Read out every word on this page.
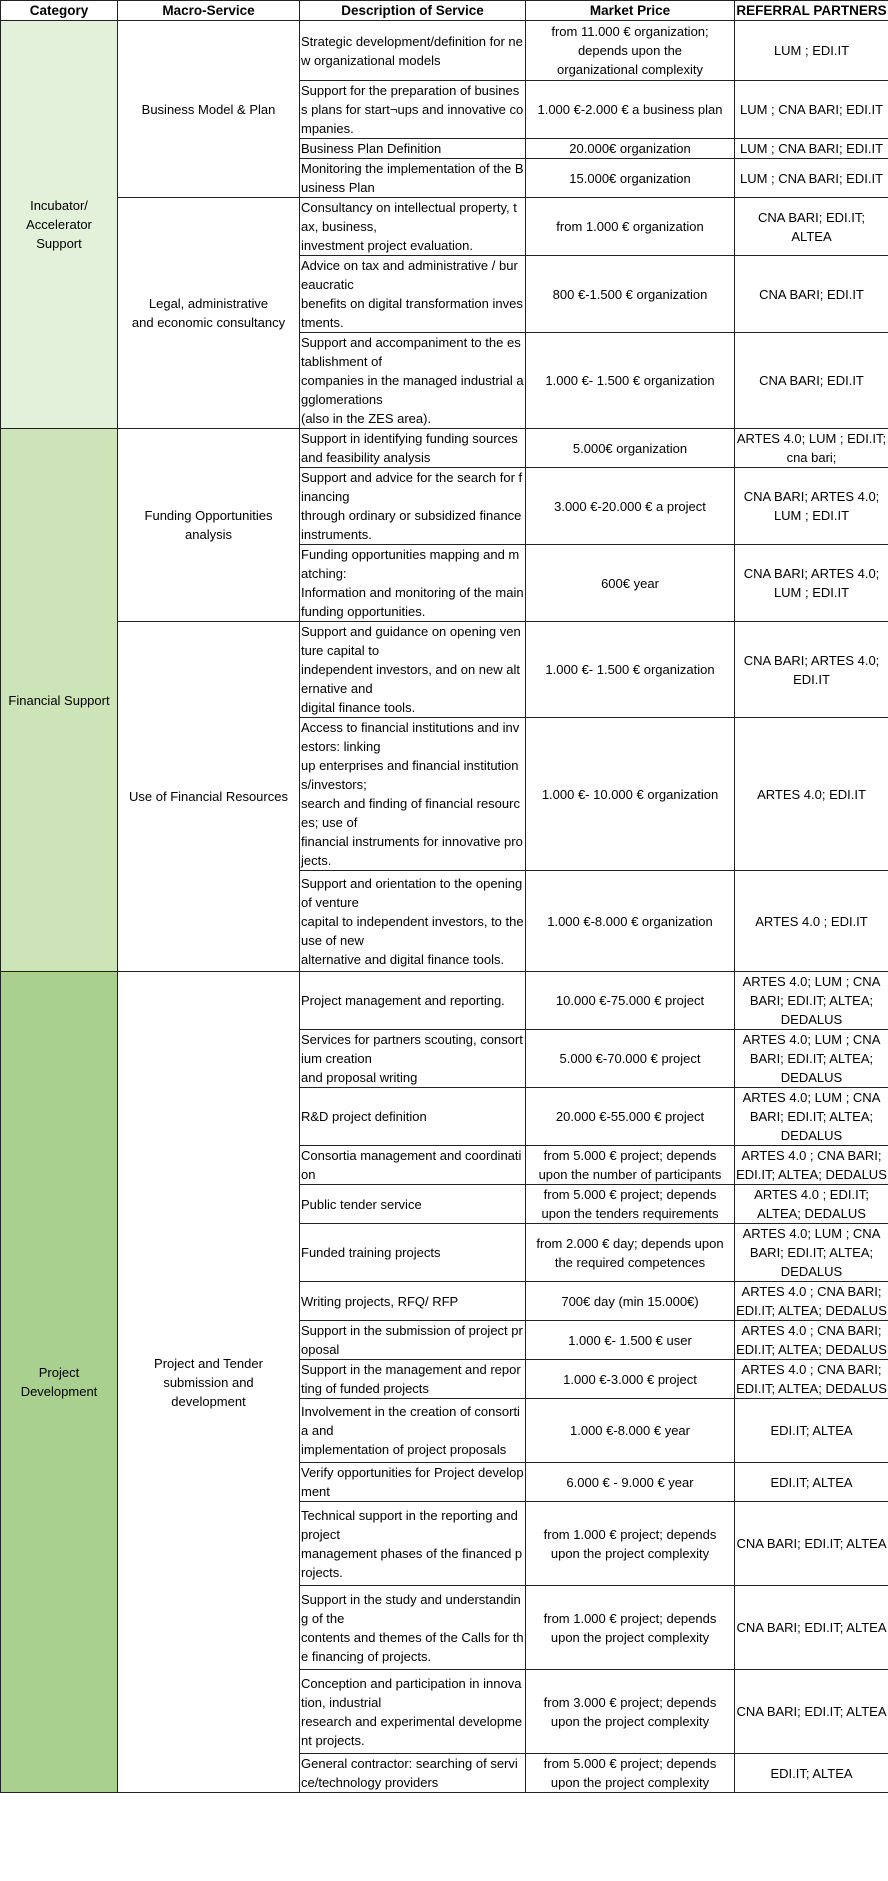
Category	Macro-Service	Description of Service	Market Price	REFERRAL PARTNERS

Incubator/
Accelerator
Support	Business Model & Plan	Strategic development/definition for new organizational models	from 11.000 € organization;
depends upon the
organizational complexity	LUM ; EDI.IT

		Support for the preparation of business plans for start¬ups and innovative companies.	1.000 €-2.000 € a business plan	LUM ; CNA BARI; EDI.IT

		Business Plan Definition	20.000€ organization	LUM ; CNA BARI; EDI.IT

		Monitoring the implementation of the Business Plan	15.000€ organization	LUM ; CNA BARI; EDI.IT

	Legal, administrative
and economic consultancy	Consultancy on intellectual property, tax, business,
investment project evaluation.	from 1.000 € organization	CNA BARI; EDI.IT;
ALTEA

		Advice on tax and administrative / bureaucratic
benefits on digital transformation investments.	800 €-1.500 € organization	CNA BARI; EDI.IT

		Support and accompaniment to the establishment of
companies in the managed industrial agglomerations
(also in the ZES area).	1.000 €- 1.500 € organization	CNA BARI; EDI.IT

Financial Support	Funding Opportunities
analysis	Support in identifying funding sources and feasibility analysis	5.000€ organization	ARTES 4.0; LUM ; EDI.IT;
cna bari;

		Support and advice for the search for financing
through ordinary or subsidized finance instruments.	3.000 €-20.000 € a project	CNA BARI; ARTES 4.0;
LUM ; EDI.IT

		Funding opportunities mapping and matching:
Information and monitoring of the main funding opportunities.	600€ year	CNA BARI; ARTES 4.0;
LUM ; EDI.IT

	Use of Financial Resources	Support and guidance on opening venture capital to
independent investors, and on new alternative and
digital finance tools.	1.000 €- 1.500 € organization	CNA BARI; ARTES 4.0;
EDI.IT

		Access to financial institutions and investors: linking
up enterprises and financial institutions/investors;
search and finding of financial resources; use of
financial instruments for innovative projects.	1.000 €- 10.000 € organization	ARTES 4.0; EDI.IT

		Support and orientation to the opening of venture
capital to independent investors, to the use of new
alternative and digital finance tools.	1.000 €-8.000 € organization	ARTES 4.0 ; EDI.IT

Project
Development	Project and Tender
submission and
development	Project management and reporting.	10.000 €-75.000 € project	ARTES 4.0; LUM ; CNA
BARI; EDI.IT; ALTEA;
DEDALUS

		Services for partners scouting, consortium creation
and proposal writing	5.000 €-70.000 € project	ARTES 4.0; LUM ; CNA
BARI; EDI.IT; ALTEA;
DEDALUS

		R&D project definition	20.000 €-55.000 € project	ARTES 4.0; LUM ; CNA
BARI; EDI.IT; ALTEA;
DEDALUS

		Consortia management and coordination	from 5.000 € project; depends
upon the number of participants	ARTES 4.0 ; CNA BARI;
EDI.IT; ALTEA; DEDALUS

		Public tender service	from 5.000 € project; depends
upon the tenders requirements	ARTES 4.0 ; EDI.IT;
ALTEA; DEDALUS

		Funded training projects	from 2.000 € day; depends upon
the required competences	ARTES 4.0; LUM ; CNA
BARI; EDI.IT; ALTEA;
DEDALUS

		Writing projects, RFQ/ RFP	700€ day (min 15.000€)	ARTES 4.0 ; CNA BARI;
EDI.IT; ALTEA; DEDALUS

		Support in the submission of project proposal	1.000 €- 1.500 € user	ARTES 4.0 ; CNA BARI;
EDI.IT; ALTEA; DEDALUS

		Support in the management and reporting of funded projects	1.000 €-3.000 € project	ARTES 4.0 ; CNA BARI;
EDI.IT; ALTEA; DEDALUS

		Involvement in the creation of consortia and
implementation of project proposals	1.000 €-8.000 € year	EDI.IT; ALTEA

		Verify opportunities for Project development	6.000 € - 9.000 € year	EDI.IT; ALTEA

		Technical support in the reporting and project
management phases of the financed projects.	from 1.000 € project; depends
upon the project complexity	CNA BARI; EDI.IT; ALTEA

		Support in the study and understanding of the
contents and themes of the Calls for the financing of projects.	from 1.000 € project; depends
upon the project complexity	CNA BARI; EDI.IT; ALTEA

		Conception and participation in innovation, industrial
research and experimental development projects.	from 3.000 € project; depends
upon the project complexity	CNA BARI; EDI.IT; ALTEA

		General contractor: searching of service/technology providers	from 5.000 € project; depends
upon the project complexity	EDI.IT; ALTEA
